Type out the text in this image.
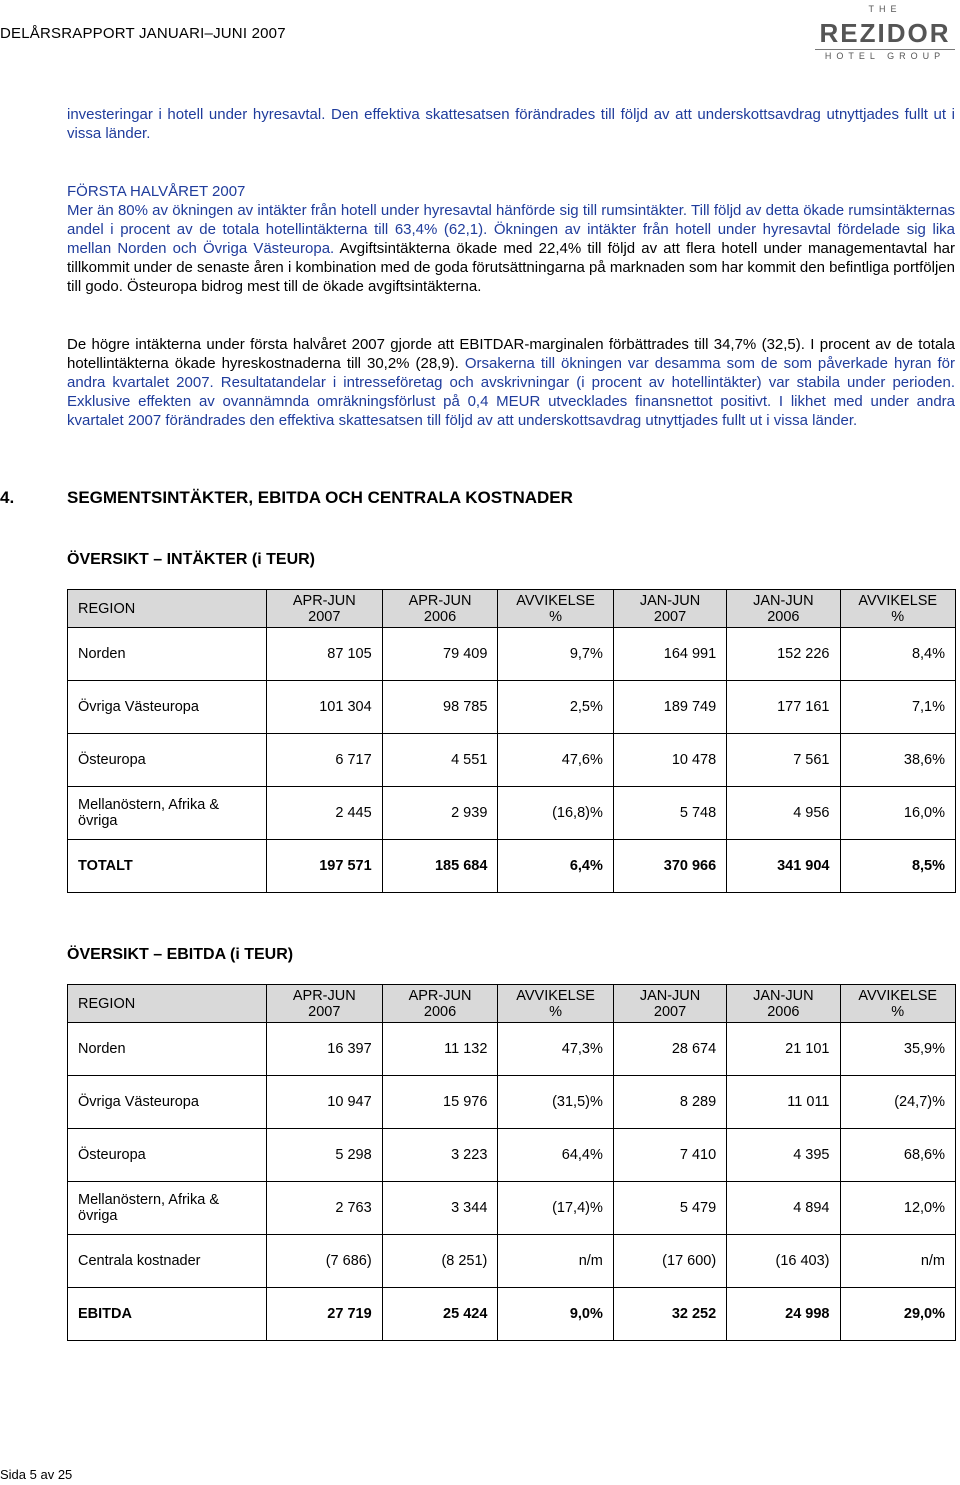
DELÅRSRAPPORT JANUARI–JUNI 2007
THE
REZIDOR
HOTEL GROUP
investeringar i hotell under hyresavtal. Den effektiva skattesatsen förändrades till följd av att underskottsavdrag utnyttjades fullt ut i vissa länder.
FÖRSTA HALVÅRET 2007
Mer än 80% av ökningen av intäkter från hotell under hyresavtal hänförde sig till rumsintäkter. Till följd av detta ökade rumsintäkternas andel i procent av de totala hotellintäkterna till 63,4% (62,1). Ökningen av intäkter från hotell under hyresavtal fördelade sig lika mellan Norden och Övriga Västeuropa. Avgiftsintäkterna ökade med 22,4% till följd av att flera hotell under managementavtal har tillkommit under de senaste åren i kombination med de goda förutsättningarna på marknaden som har kommit den befintliga portföljen till godo. Östeuropa bidrog mest till de ökade avgiftsintäkterna.
De högre intäkterna under första halvåret 2007 gjorde att EBITDAR-marginalen förbättrades till 34,7% (32,5). I procent av de totala hotellintäkterna ökade hyreskostnaderna till 30,2% (28,9). Orsakerna till ökningen var desamma som de som påverkade hyran för andra kvartalet 2007. Resultatandelar i intresseföretag och avskrivningar (i procent av hotellintäkter) var stabila under perioden. Exklusive effekten av ovannämnda omräkningsförlust på 0,4 MEUR utvecklades finansnettot positivt. I likhet med under andra kvartalet 2007 förändrades den effektiva skattesatsen till följd av att underskottsavdrag utnyttjades fullt ut i vissa länder.
4.	SEGMENTSINTÄKTER, EBITDA OCH CENTRALA KOSTNADER
ÖVERSIKT – INTÄKTER (i TEUR)
REGION	APR-JUN 2007	APR-JUN 2006	AVVIKELSE %	JAN-JUN 2007	JAN-JUN 2006	AVVIKELSE %
Norden	87 105	79 409	9,7%	164 991	152 226	8,4%
Övriga Västeuropa	101 304	98 785	2,5%	189 749	177 161	7,1%
Östeuropa	6 717	4 551	47,6%	10 478	7 561	38,6%
Mellanöstern, Afrika & övriga	2 445	2 939	(16,8)%	5 748	4 956	16,0%
TOTALT	197 571	185 684	6,4%	370 966	341 904	8,5%
ÖVERSIKT – EBITDA (i TEUR)
REGION	APR-JUN 2007	APR-JUN 2006	AVVIKELSE %	JAN-JUN 2007	JAN-JUN 2006	AVVIKELSE %
Norden	16 397	11 132	47,3%	28 674	21 101	35,9%
Övriga Västeuropa	10 947	15 976	(31,5)%	8 289	11 011	(24,7)%
Östeuropa	5 298	3 223	64,4%	7 410	4 395	68,6%
Mellanöstern, Afrika & övriga	2 763	3 344	(17,4)%	5 479	4 894	12,0%
Centrala kostnader	(7 686)	(8 251)	n/m	(17 600)	(16 403)	n/m
EBITDA	27 719	25 424	9,0%	32 252	24 998	29,0%
Sida 5 av 25
